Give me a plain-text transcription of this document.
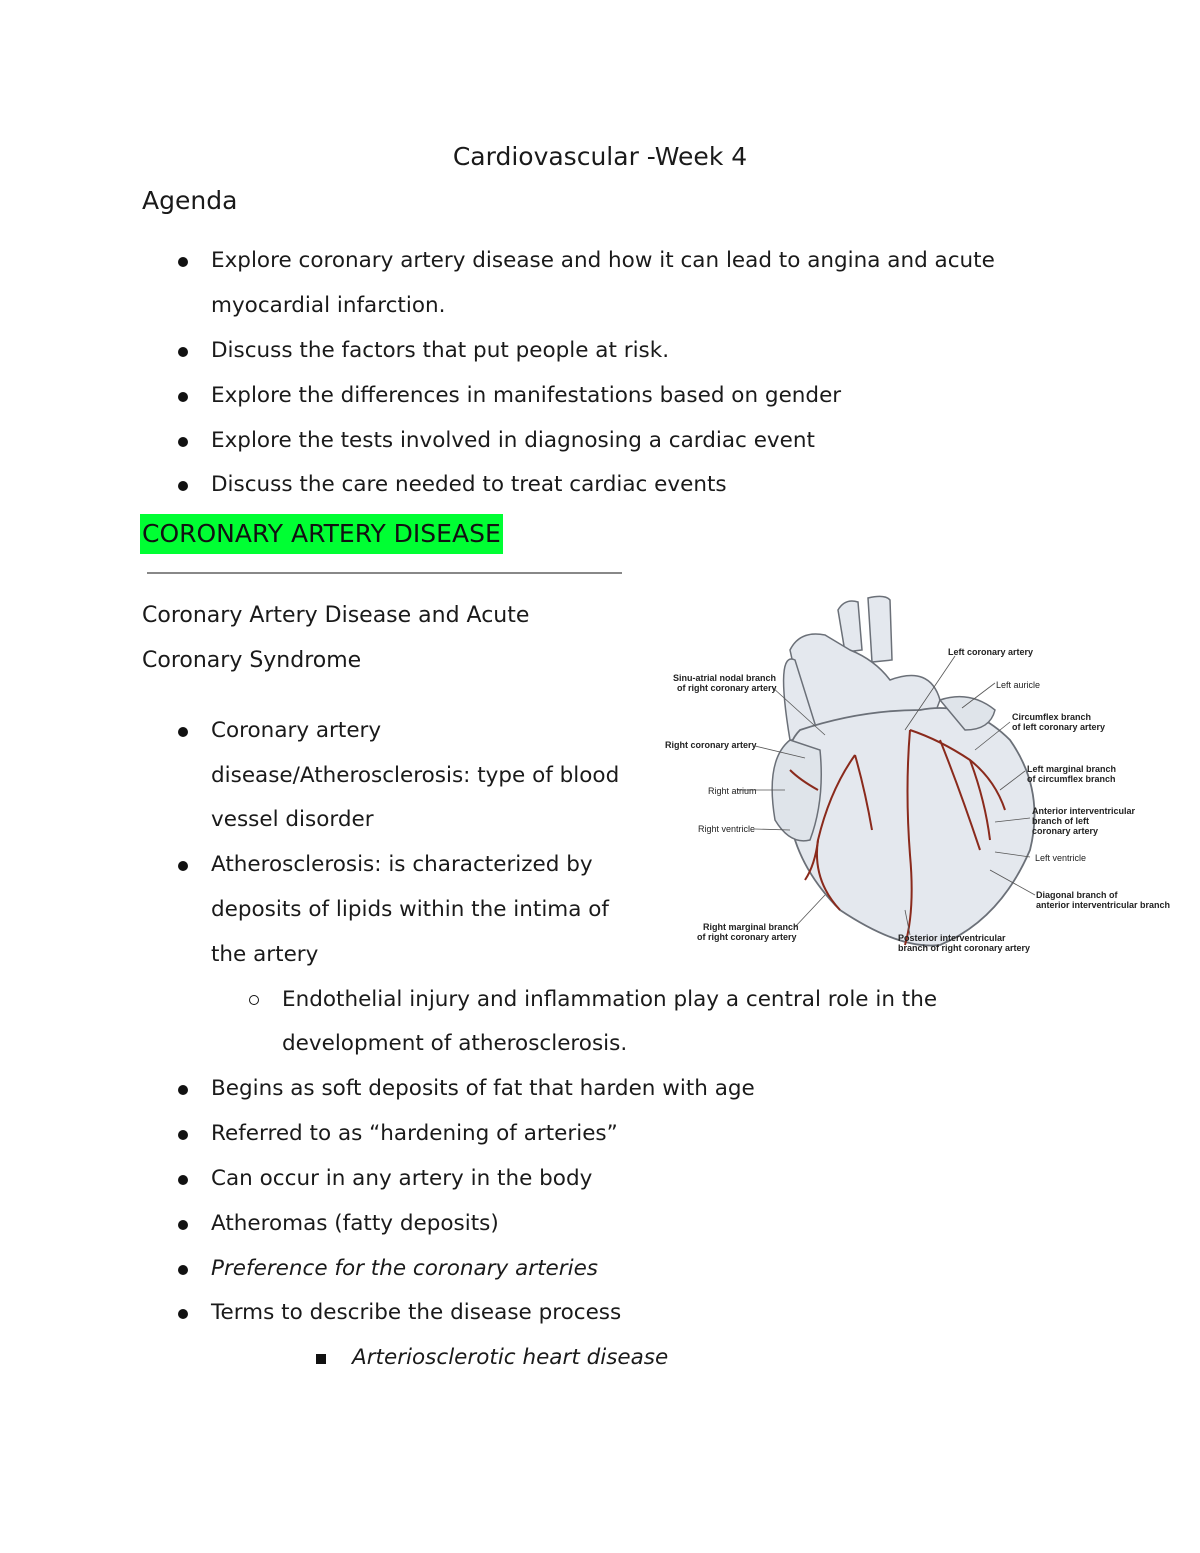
Cardiovascular -Week 4
Agenda
Explore coronary artery disease and how it can lead to angina and acute
myocardial infarction.
Discuss the factors that put people at risk.
Explore the differences in manifestations based on gender
Explore the tests involved in diagnosing a cardiac event
Discuss the care needed to treat cardiac events
CORONARY ARTERY DISEASE
Coronary Artery Disease and Acute
Coronary Syndrome
Coronary artery
disease/Atherosclerosis: type of blood
vessel disorder
Atherosclerosis: is characterized by
deposits of lipids within the intima of
the artery
Endothelial injury and inflammation play a central role in the
development of atherosclerosis.
Begins as soft deposits of fat that harden with age
Referred to as “hardening of arteries”
Can occur in any artery in the body
Atheromas (fatty deposits)
Preference for the coronary arteries
Terms to describe the disease process
Arteriosclerotic heart disease
Sinu-atrial nodal branch
of right coronary artery
Right coronary artery
Right atrium
Right ventricle
Right marginal branch
of right coronary artery
Left coronary artery
Left auricle
Circumflex branch
of left coronary artery
Left marginal branch
of circumflex branch
Anterior interventricular
branch of left
coronary artery
Left ventricle
Diagonal branch of
anterior interventricular branch
Posterior interventricular
branch of right coronary artery
